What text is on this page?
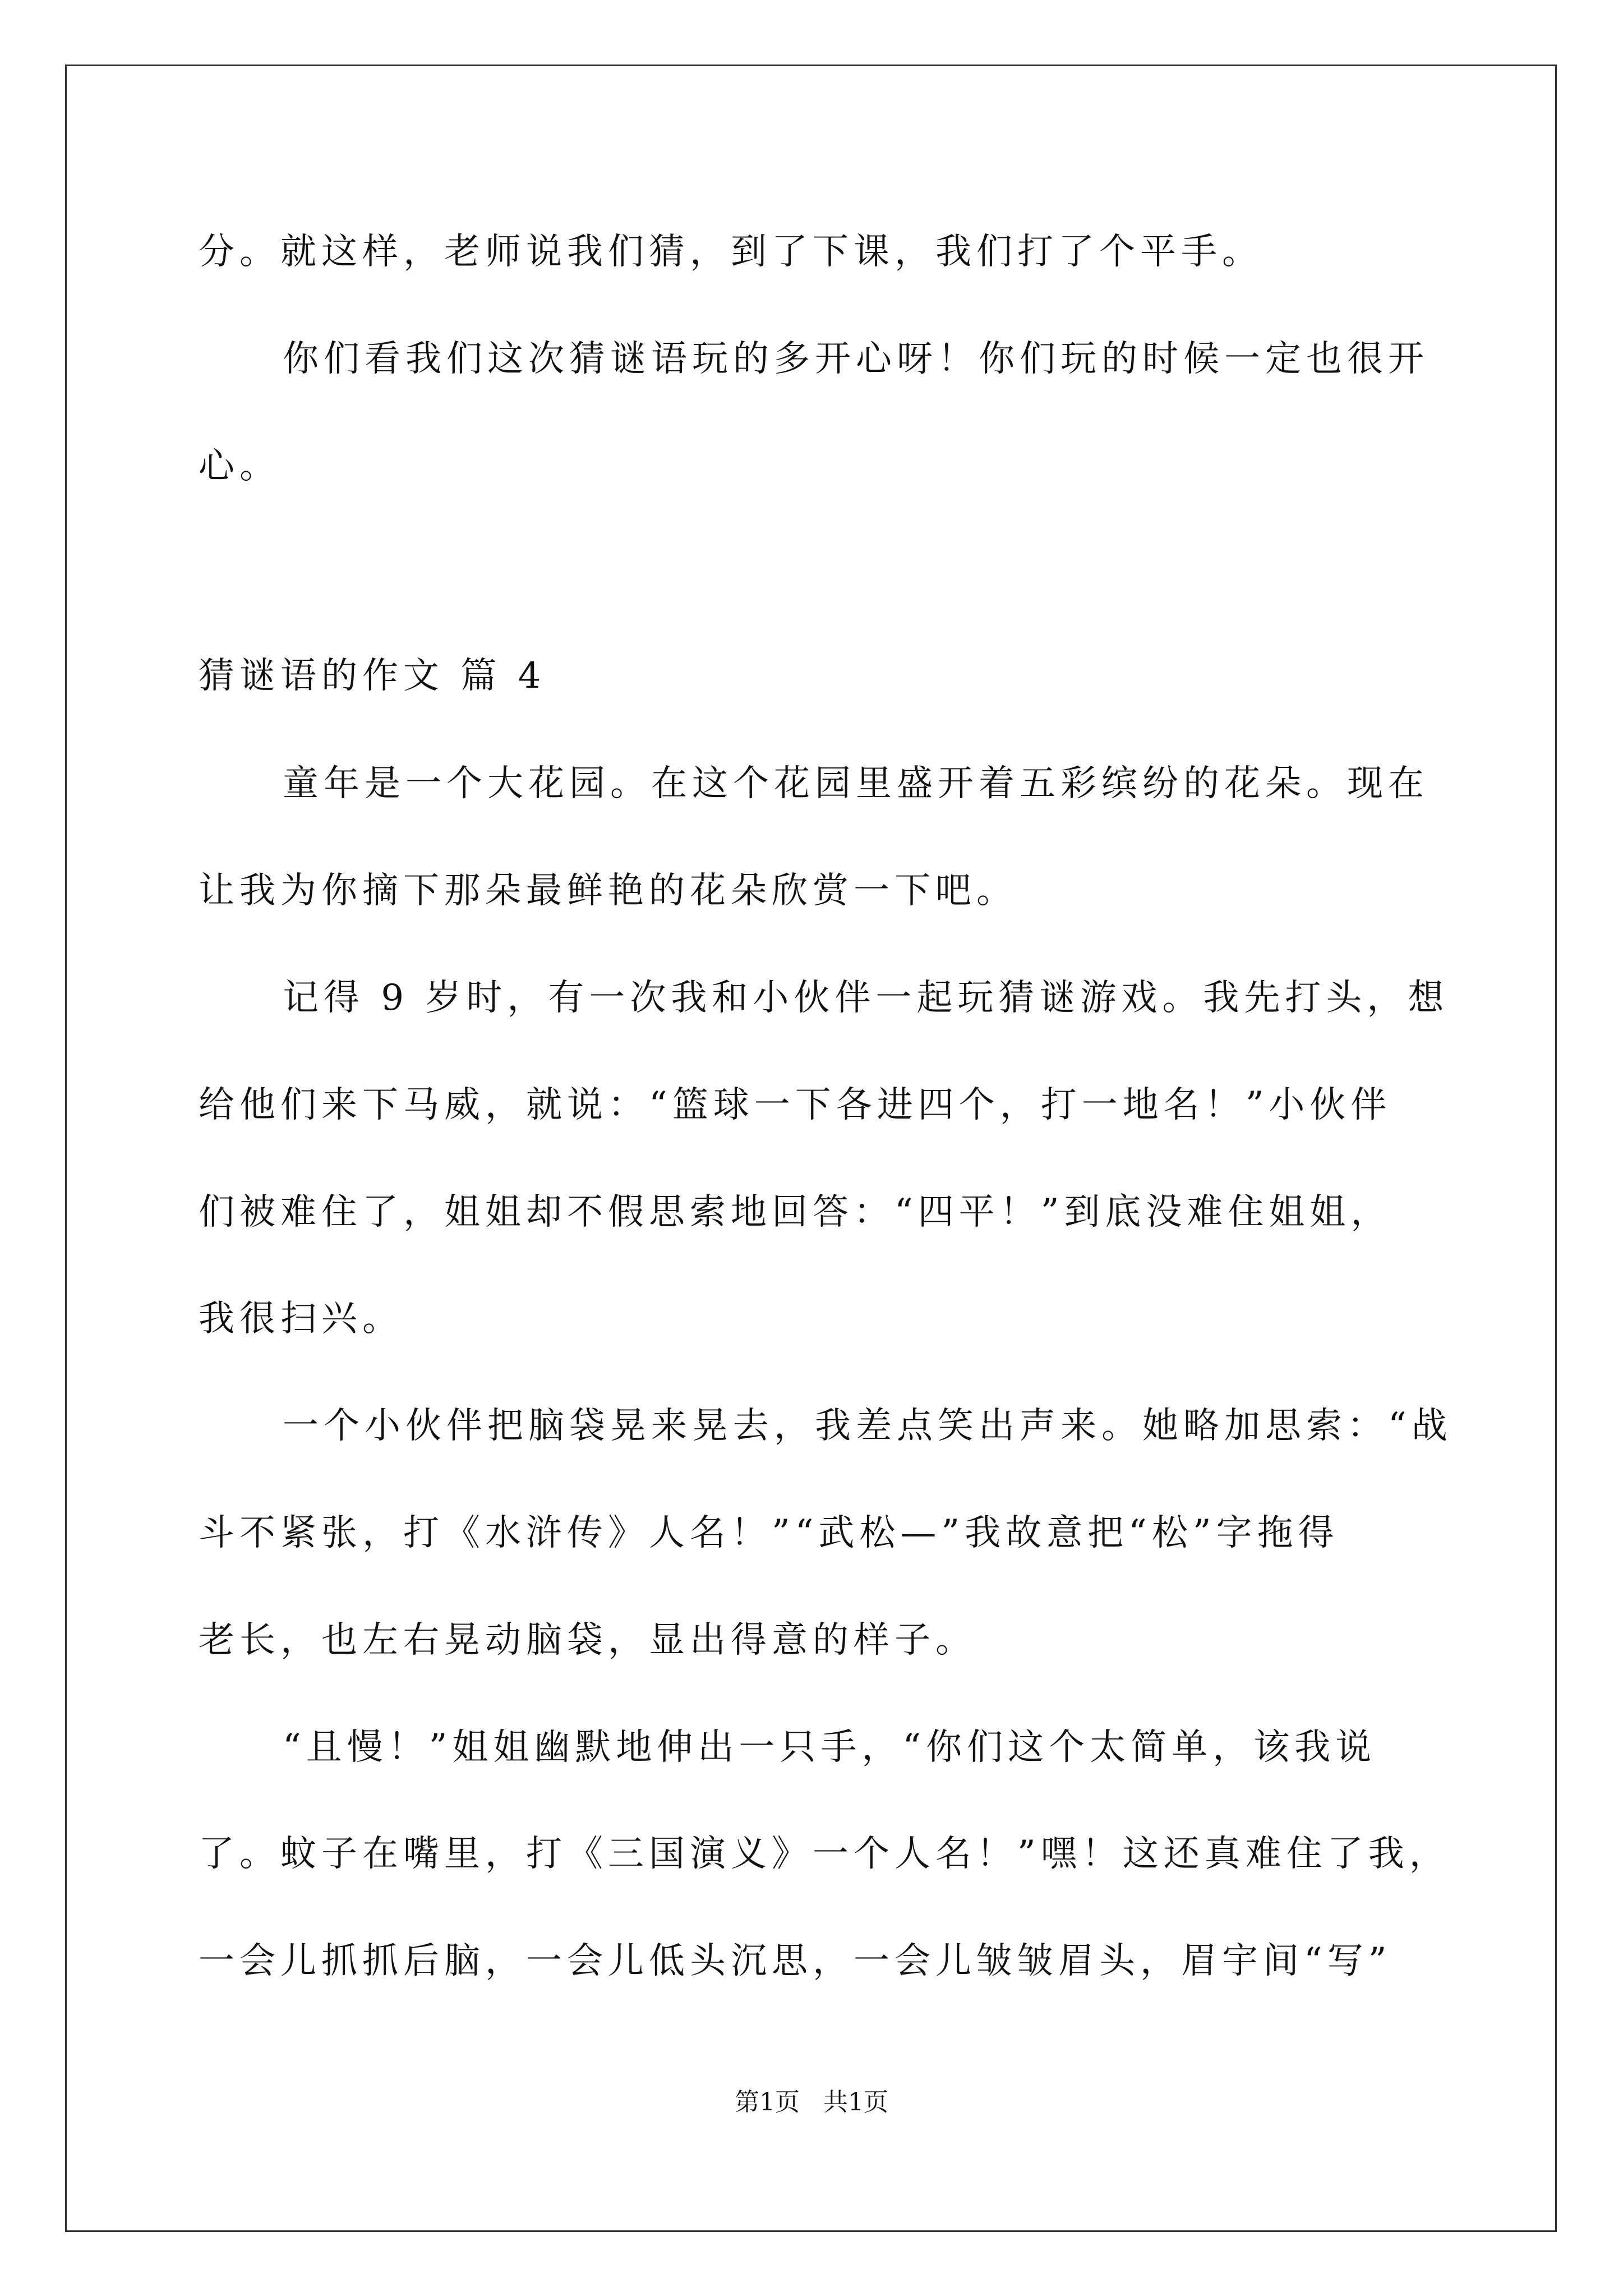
分。就这样，老师说我们猜，到了下课，我们打了个平手。
你们看我们这次猜谜语玩的多开心呀！你们玩的时候一定也很开
心。
猜谜语的作文 篇 4
童年是一个大花园。在这个花园里盛开着五彩缤纷的花朵。现在
让我为你摘下那朵最鲜艳的花朵欣赏一下吧。
记得 9 岁时，有一次我和小伙伴一起玩猜谜游戏。我先打头，想
给他们来下马威，就说：“篮球一下各进四个，打一地名！”小伙伴
们被难住了，姐姐却不假思索地回答：“四平！”到底没难住姐姐，
我很扫兴。
一个小伙伴把脑袋晃来晃去，我差点笑出声来。她略加思索：“战
斗不紧张，打《水浒传》人名！”“武松—”我故意把“松”字拖得
老长，也左右晃动脑袋，显出得意的样子。
“且慢！”姐姐幽默地伸出一只手，“你们这个太简单，该我说
了。蚊子在嘴里，打《三国演义》一个人名！”嘿！这还真难住了我，
一会儿抓抓后脑，一会儿低头沉思，一会儿皱皱眉头，眉宇间“写”
第1页   共1页
